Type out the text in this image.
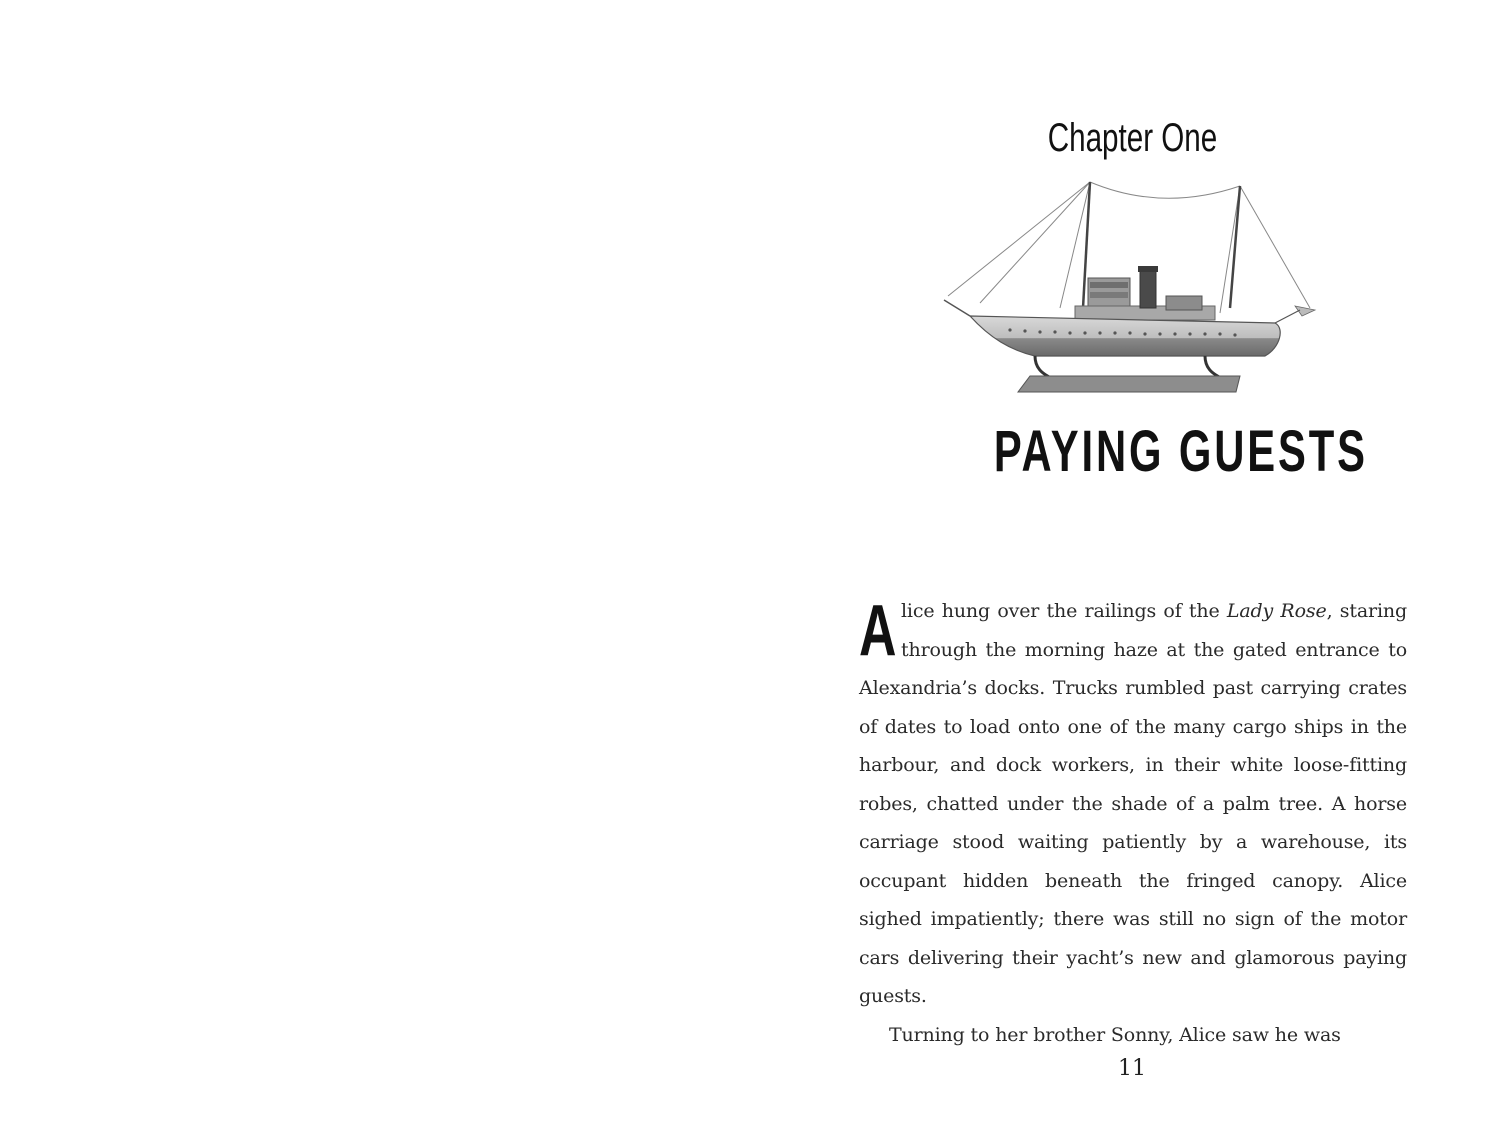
Chapter One
PAYING GUESTS

Alice hung over the railings of the Lady Rose, staring through the morning haze at the gated entrance to Alexandria’s docks. Trucks rumbled past carrying crates of dates to load onto one of the many cargo ships in the harbour, and dock workers, in their white loose-fitting robes, chatted under the shade of a palm tree. A horse carriage stood waiting patiently by a warehouse, its occupant hidden beneath the fringed canopy. Alice sighed impatiently; there was still no sign of the motor cars delivering their yacht’s new and glamorous paying guests.

Turning to her brother Sonny, Alice saw he was

11
